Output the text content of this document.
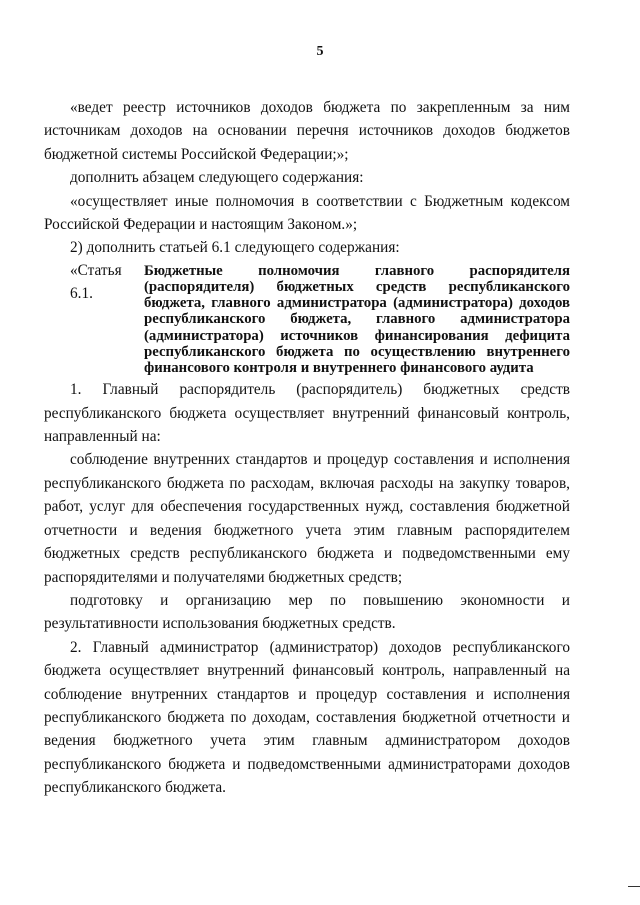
5

«ведет реестр источников доходов бюджета по закрепленным за ним источникам доходов на основании перечня источников доходов бюджетов бюджетной системы Российской Федерации;»;

дополнить абзацем следующего содержания:

«осуществляет иные полномочия в соответствии с Бюджетным кодексом Российской Федерации и настоящим Законом.»;

2) дополнить статьей 6.1 следующего содержания:

«Статья 6.1.
Бюджетные полномочия главного распорядителя (распорядителя) бюджетных средств республиканского бюджета, главного администратора (администратора) доходов республиканского бюджета, главного администратора (администратора) источников финансирования дефицита республиканского бюджета по осуществлению внутреннего финансового контроля и внутреннего финансового аудита

1. Главный распорядитель (распорядитель) бюджетных средств республиканского бюджета осуществляет внутренний финансовый контроль, направленный на:

соблюдение внутренних стандартов и процедур составления и исполнения республиканского бюджета по расходам, включая расходы на закупку товаров, работ, услуг для обеспечения государственных нужд, составления бюджетной отчетности и ведения бюджетного учета этим главным распорядителем бюджетных средств республиканского бюджета и подведомственными ему распорядителями и получателями бюджетных средств;

подготовку и организацию мер по повышению экономности и результативности использования бюджетных средств.

2. Главный администратор (администратор) доходов республиканского бюджета осуществляет внутренний финансовый контроль, направленный на соблюдение внутренних стандартов и процедур составления и исполнения республиканского бюджета по доходам, составления бюджетной отчетности и ведения бюджетного учета этим главным администратором доходов республиканского бюджета и подведомственными администраторами доходов республиканского бюджета.
